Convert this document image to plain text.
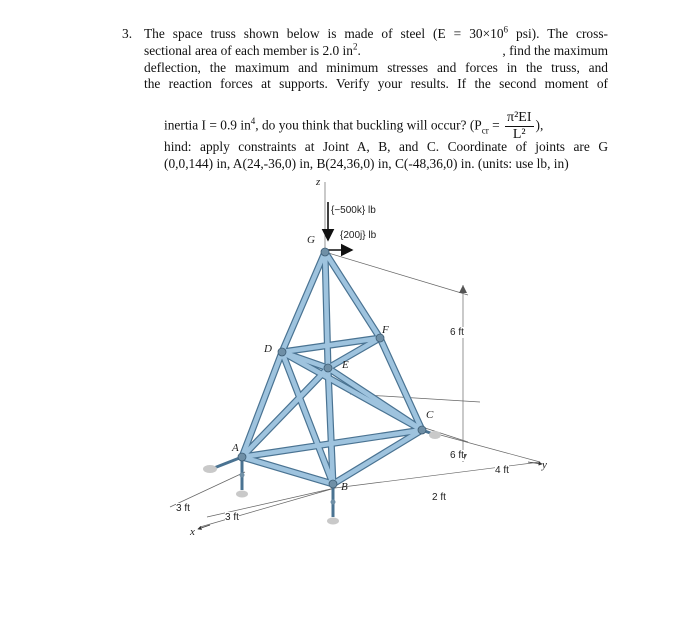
3. The space truss shown below is made of steel ($E = 30\times 10^6$ psi). The cross-
sectional area of each member is 2.0 $in^2$.	, find the maximum
deflection, the maximum and minimum stresses and forces in the truss, and
the reaction forces at supports. Verify your results. If the second moment of
inertia I = 0.9 $in^4$, do you think that buckling will occur? ($P_{cr} = \frac{\text{π²EI}}{\text{L²}}$ ),
hind: apply constraints at Joint A, B, and C. Coordinate of joints are G
(0,0,144) in, A(24,-36,0) in, B(24,36,0) in, C(-48,36,0) in. (units: use lb, in)
z
x
y
{−500k} lb
{200j} lb
G
D
E
F
A
B
C
6 ft
6 ft
4 ft
2 ft
3 ft
3 ft
